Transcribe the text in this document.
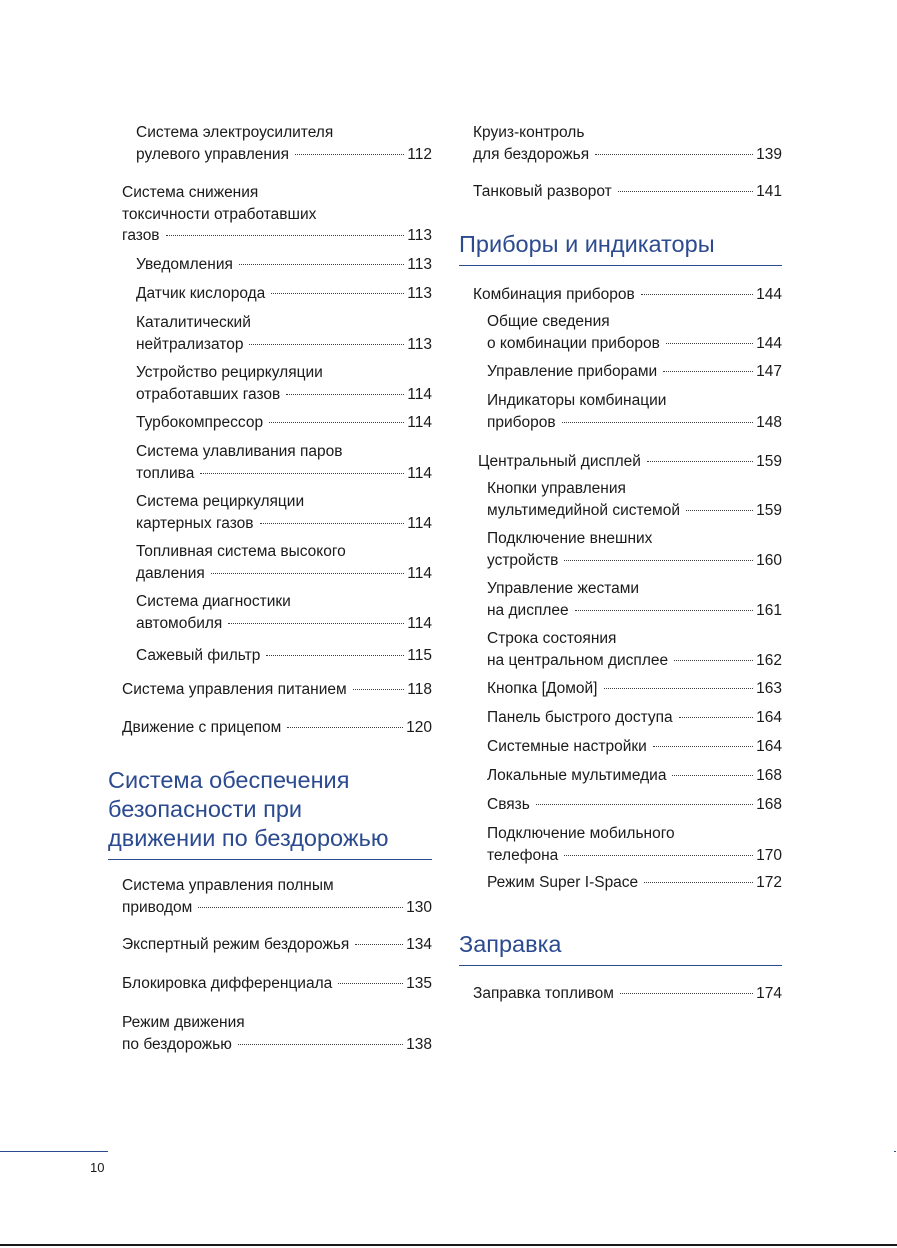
Система электроусилителя
рулевого управления	112
Система снижения
токсичности отработавших
газов	113
Уведомления	113
Датчик кислорода	113
Каталитический
нейтрализатор	113
Устройство рециркуляции
отработавших газов	114
Турбокомпрессор	114
Система улавливания паров
топлива	114
Система рециркуляции
картерных газов	114
Топливная система высокого
давления	114
Система диагностики
автомобиля	114
Сажевый фильтр	115
Система управления питанием	118
Движение с прицепом	120
Система обеспечения
безопасности при
движении по бездорожью
Система управления полным
приводом	130
Экспертный режим бездорожья	134
Блокировка дифференциала	135
Режим движения
по бездорожью	138
Круиз-контроль
для бездорожья	139
Танковый разворот	141
Приборы и индикаторы
Комбинация приборов	144
Общие сведения
о комбинации приборов	144
Управление приборами	147
Индикаторы комбинации
приборов	148
Центральный дисплей	159
Кнопки управления
мультимедийной системой	159
Подключение внешних
устройств	160
Управление жестами
на дисплее	161
Строка состояния
на центральном дисплее	162
Кнопка [Домой]	163
Панель быстрого доступа	164
Системные настройки	164
Локальные мультимедиа	168
Связь	168
Подключение мобильного
телефона	170
Режим Super I-Space	172
Заправка
Заправка топливом	174
10
